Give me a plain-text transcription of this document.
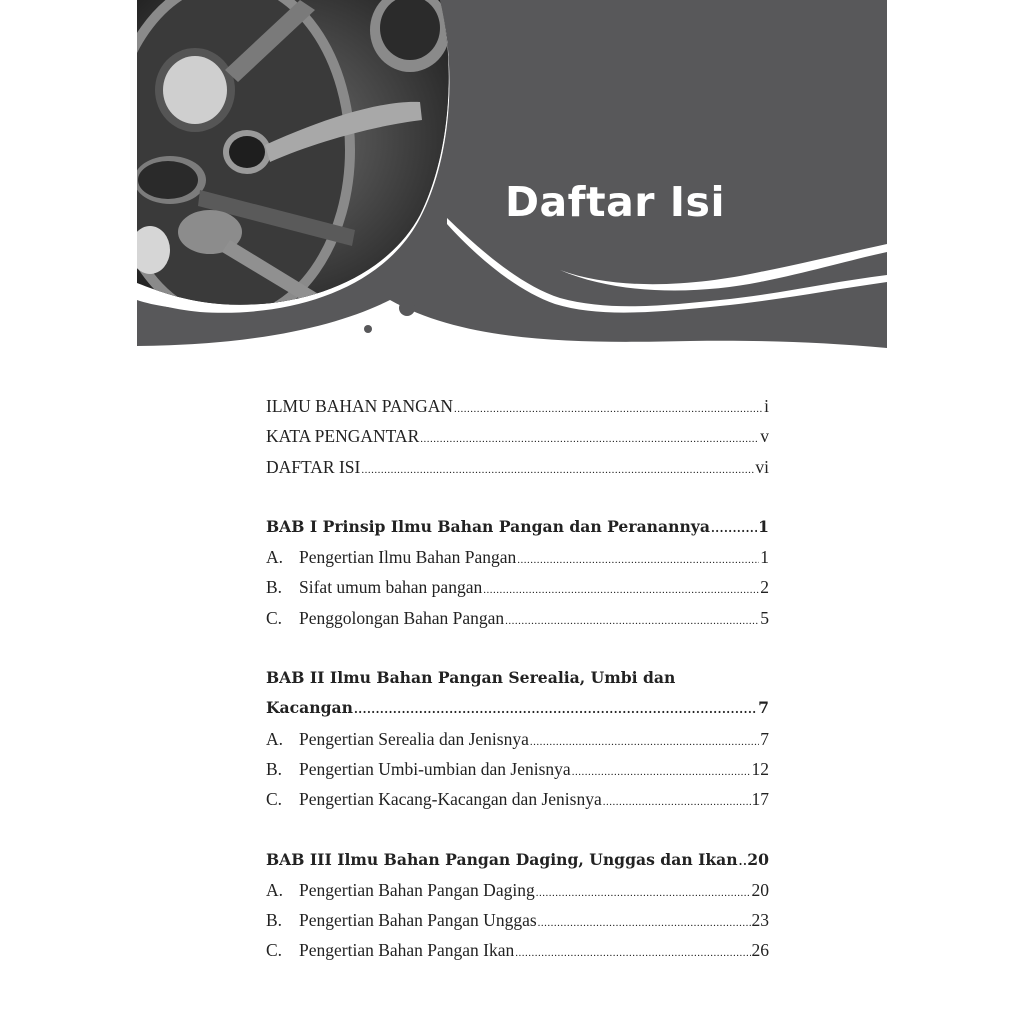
Daftar Isi
ILMU BAHAN PANGAN .....	i
KATA PENGANTAR .....	v
DAFTAR ISI .....	vi
BAB I Prinsip Ilmu Bahan Pangan dan Peranannya .....	1
A. Pengertian Ilmu Bahan Pangan .....	1
B. Sifat umum bahan pangan .....	2
C. Penggolongan Bahan Pangan .....	5
BAB II Ilmu Bahan Pangan Serealia, Umbi dan
Kacangan .....	7
A. Pengertian Serealia dan Jenisnya .....	7
B. Pengertian Umbi-umbian dan Jenisnya .....	12
C. Pengertian Kacang-Kacangan dan Jenisnya .....	17
BAB III Ilmu Bahan Pangan Daging, Unggas dan Ikan ..... 20
A. Pengertian Bahan Pangan Daging .....	20
B. Pengertian Bahan Pangan Unggas .....	23
C. Pengertian Bahan Pangan Ikan .....	26
